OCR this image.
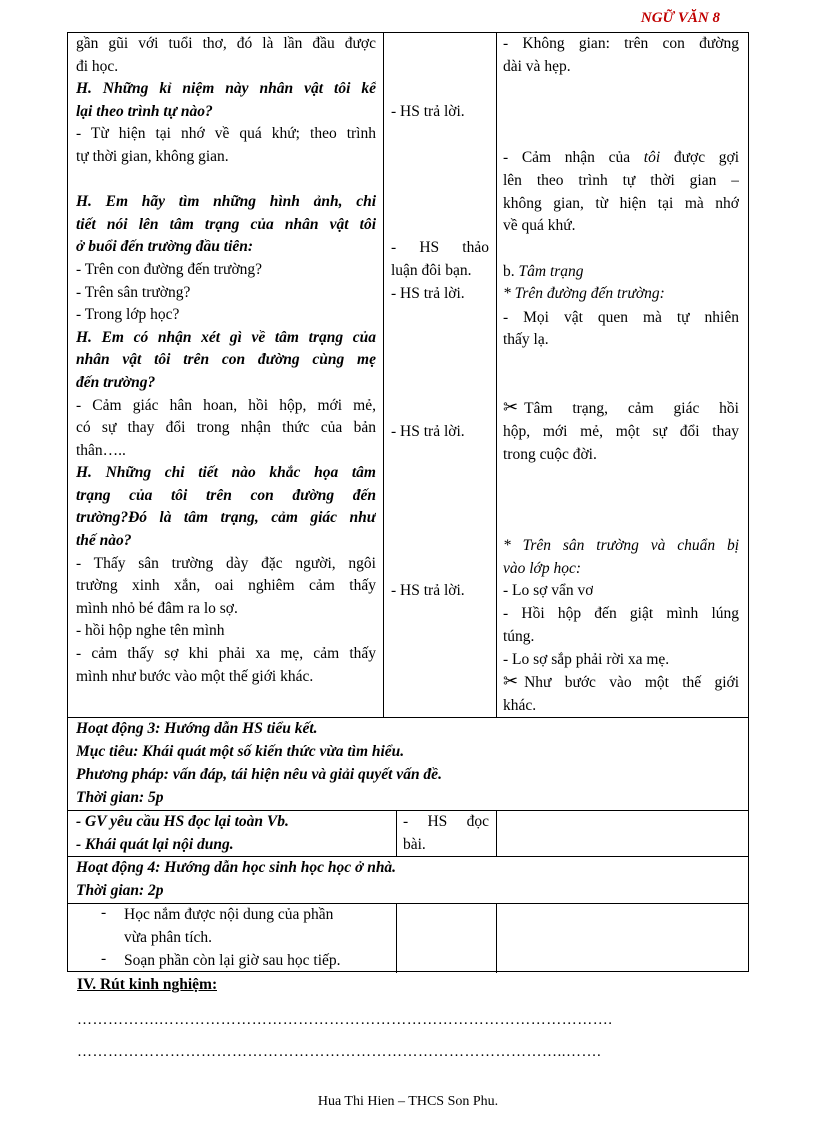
NGỮ VĂN 8
gần gũi với tuổi thơ, đó là lần đầu được
đi học.
H. Những kỉ niệm này nhân vật tôi kể
lại theo trình tự nào?
- Từ hiện tại nhớ về quá khứ; theo trình
tự thời gian, không gian.
H. Em hãy tìm những hình ảnh, chi
tiết nói lên tâm trạng của nhân vật tôi
ở buổi đến trường đầu tiên:
- Trên con đường đến trường?
- Trên sân trường?
- Trong lớp học?
H. Em có nhận xét gì về tâm trạng của
nhân vật tôi trên con đường cùng mẹ
đến trường?
- Cảm giác hân hoan, hồi hộp, mới mẻ,
có sự thay đổi trong nhận thức của bản
thân…..
H. Những chi tiết nào khắc họa tâm
trạng của tôi trên con đường đến
trường?Đó là tâm trạng, cảm giác như
thế nào?
- Thấy sân trường dày đặc người, ngôi
trường xinh xắn, oai nghiêm cảm thấy
mình nhỏ bé đâm ra lo sợ.
- hồi hộp nghe tên mình
- cảm thấy sợ khi phải xa mẹ, cảm thấy
mình như bước vào một thế giới khác.
- HS trả lời.
- HS thảo
luận đôi bạn.
- HS trả lời.
- HS trả lời.
- HS trả lời.
- Không gian: trên con đường
dài và hẹp.
- Cảm nhận của tôi được gợi
lên theo trình tự thời gian –
không gian, từ hiện tại mà nhớ
về quá khứ.
b. Tâm trạng
* Trên đường đến trường:
- Mọi vật quen mà tự nhiên
thấy lạ.
✂ Tâm trạng, cảm giác hồi
hộp, mới mẻ, một sự đổi thay
trong cuộc đời.
* Trên sân trường và chuẩn bị
vào lớp học:
- Lo sợ vẩn vơ
- Hồi hộp đến giật mình lúng
túng.
- Lo sợ sắp phải rời xa mẹ.
✂ Như bước vào một thế giới
khác.
Hoạt động 3: Hướng dẫn HS tiểu kết.
Mục tiêu: Khái quát một số kiến thức vừa tìm hiểu.
Phương pháp: vấn đáp, tái hiện nêu và giải quyết vấn đề.
Thời gian: 5p
- GV yêu cầu HS đọc lại toàn Vb.
- Khái quát lại nội dung.
- HS đọc
bài.
Hoạt động 4: Hướng dẫn học sinh học học ở nhà.
Thời gian: 2p
- Học nắm được nội dung của phần
vừa phân tích.
- Soạn phần còn lại giờ sau học tiếp.
IV. Rút kinh nghiệm:
…………….…………………………………………………………………………….
…………………………………………………………………………………..…….
Hua Thi Hien – THCS Son Phu.
